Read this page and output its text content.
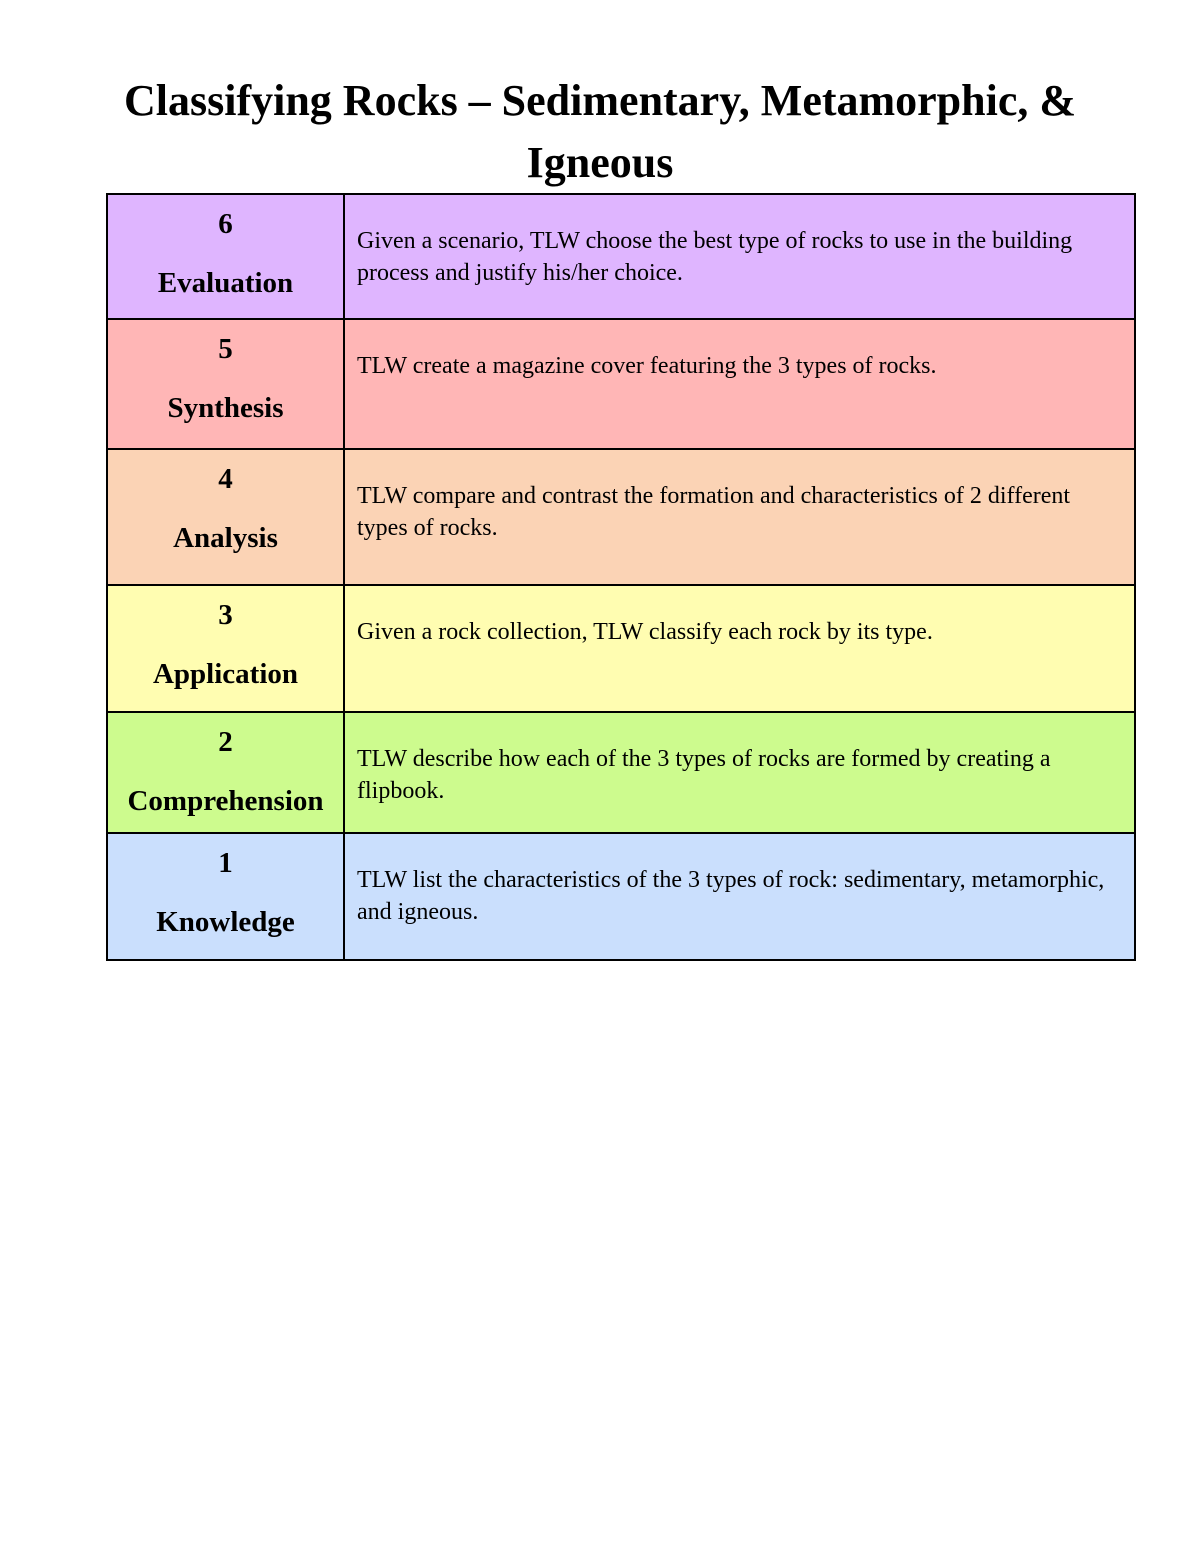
Classifying Rocks – Sedimentary, Metamorphic, & Igneous
6
Evaluation	Given a scenario, TLW choose the best type of rocks to use in the building process and justify his/her choice.

5
Synthesis	TLW create a magazine cover featuring the 3 types of rocks.

4
Analysis	TLW compare and contrast the formation and characteristics of 2 different types of rocks.

3
Application	Given a rock collection, TLW classify each rock by its type.

2
Comprehension	TLW describe how each of the 3 types of rocks are formed by creating a flipbook.

1
Knowledge	TLW list the characteristics of the 3 types of rock: sedimentary, metamorphic, and igneous.
